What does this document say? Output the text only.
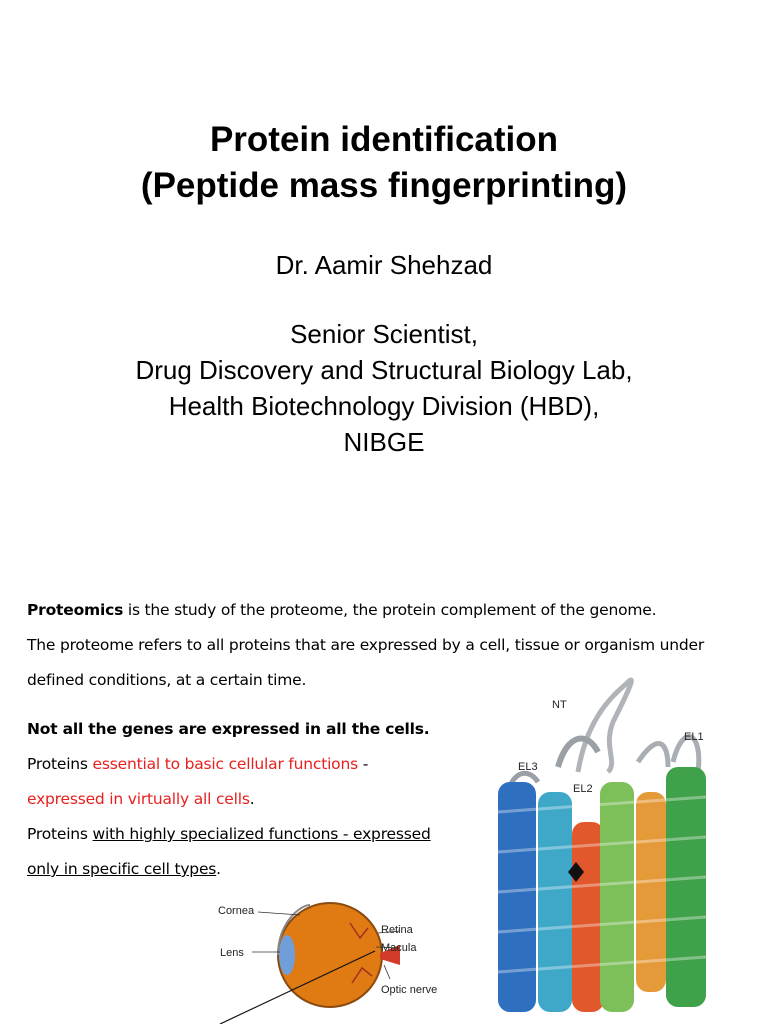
Protein identification
(Peptide mass fingerprinting)
Dr. Aamir Shehzad
Senior Scientist,
Drug Discovery and Structural Biology Lab,
Health Biotechnology Division (HBD),
NIBGE
Proteomics is the study of the proteome, the protein complement of the genome.
The proteome refers to all proteins that are expressed by a cell, tissue or organism under
defined conditions, at a certain time.
Not all the genes are expressed in all the cells.
Proteins essential to basic cellular functions -
expressed in virtually all cells.
Proteins with highly specialized functions - expressed
only in specific cell types.
NT
EL1
EL2
EL3
Cornea
Lens
Retina
Macula
Optic nerve
